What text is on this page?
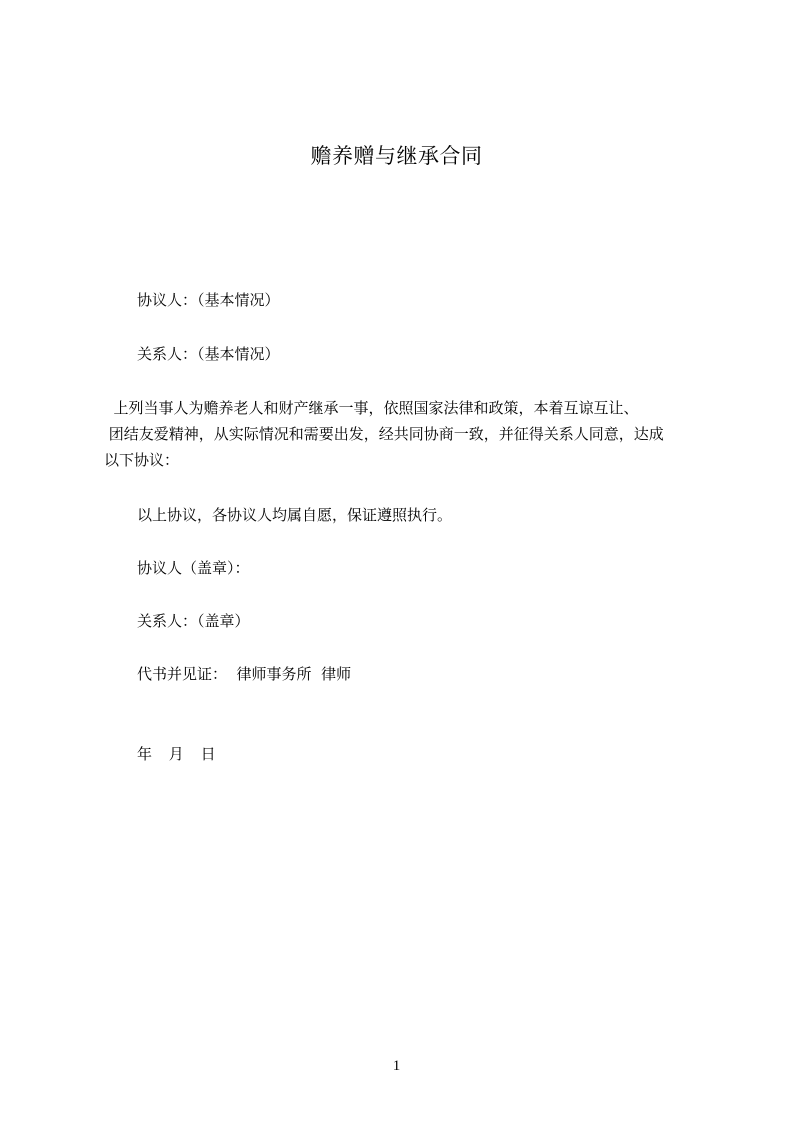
赡养赠与继承合同
协议人：（基本情况）
关系人：（基本情况）
上列当事人为赡养老人和财产继承一事，依照国家法律和政策，本着互谅互让、
团结友爱精神，从实际情况和需要出发，经共同协商一致，并征得关系人同意，达成
以下协议：
以上协议，各协议人均属自愿，保证遵照执行。
协议人（盖章）：
关系人：（盖章）
代书并见证：  律师事务所  律师
年 月 日
1
